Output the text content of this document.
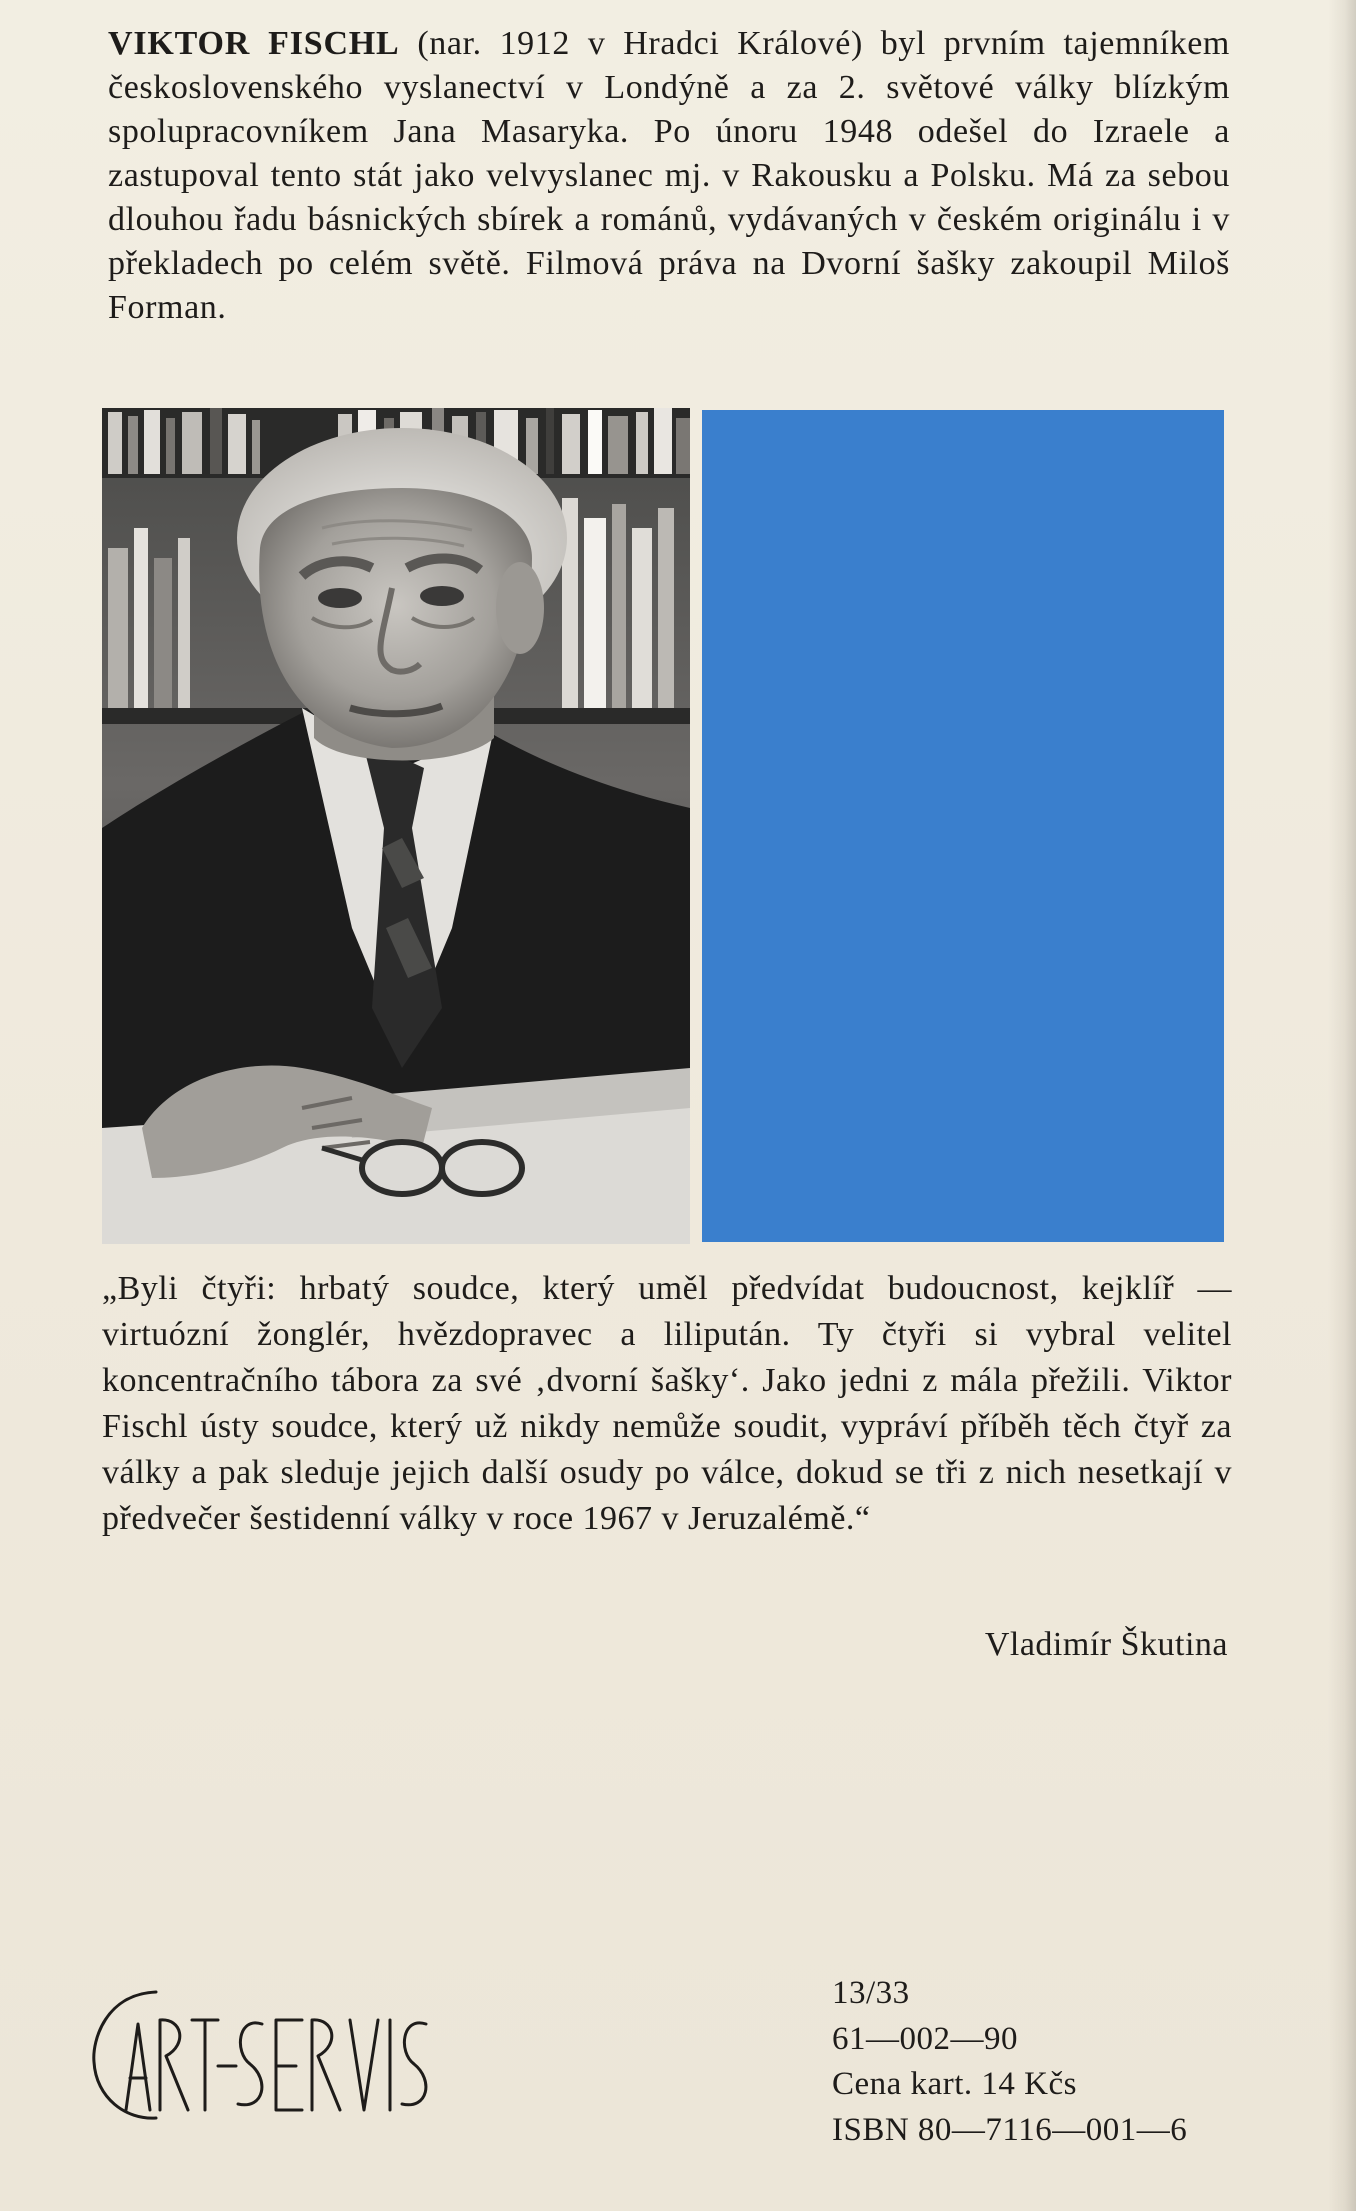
VIKTOR FISCHL (nar. 1912 v Hradci Králové) byl prvním tajemníkem československého vyslanectví v Londýně a za 2. světové války blízkým spolupracovníkem Jana Masaryka. Po únoru 1948 odešel do Izraele a zastupoval tento stát jako velvyslanec mj. v Rakousku a Polsku. Má za sebou dlouhou řadu básnických sbírek a románů, vydávaných v českém originálu i v překladech po celém světě. Filmová práva na Dvorní šašky zakoupil Miloš Forman.
„Byli čtyři: hrbatý soudce, který uměl předvídat budoucnost, kejklíř — virtuózní žonglér, hvězdopravec a lilipután. Ty čtyři si vybral velitel koncentračního tábora za své ‚dvorní šašky‘. Jako jedni z mála přežili. Viktor Fischl ústy soudce, který už nikdy nemůže soudit, vypráví příběh těch čtyř za války a pak sleduje jejich další osudy po válce, dokud se tři z nich nesetkají v předvečer šestidenní války v roce 1967 v Jeruzalémě.“
Vladimír Škutina
13/33
61—002—90
Cena kart. 14 Kčs
ISBN 80—7116—001—6
